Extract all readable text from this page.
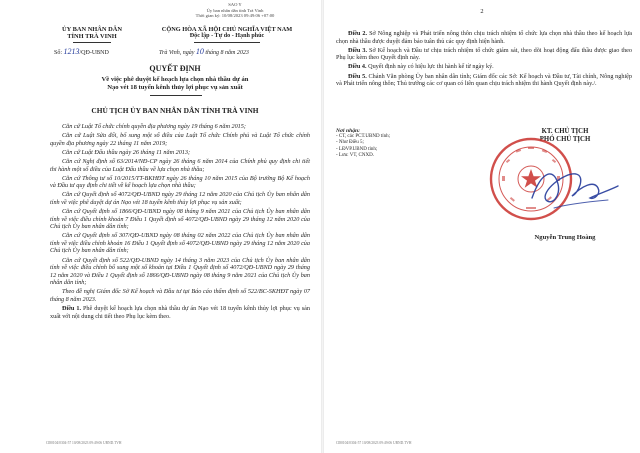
SAO Y
Ủy ban nhân dân tỉnh Trà Vinh
Thời gian ký: 10/08/2023 09:49:06 +07:00
ỦY BAN NHÂN DÂN
TỈNH TRÀ VINH
Số: 1213/QĐ-UBND
CỘNG HÒA XÃ HỘI CHỦ NGHĨA VIỆT NAM
Độc lập - Tự do - Hạnh phúc
Trà Vinh, ngày 10 tháng 8 năm 2023
QUYẾT ĐỊNH
Về việc phê duyệt kế hoạch lựa chọn nhà thầu dự án
Nạo vét 18 tuyến kênh thủy lợi phục vụ sản xuất
CHỦ TỊCH ỦY BAN NHÂN DÂN TỈNH TRÀ VINH

Căn cứ Luật Tổ chức chính quyền địa phương ngày 19 tháng 6 năm 2015;

Căn cứ Luật Sửa đổi, bổ sung một số điều của Luật Tổ chức Chính phủ và Luật Tổ chức chính quyền địa phương ngày 22 tháng 11 năm 2019;

Căn cứ Luật Đấu thầu ngày 26 tháng 11 năm 2013;

Căn cứ Nghị định số 63/2014/NĐ-CP ngày 26 tháng 6 năm 2014 của Chính phủ quy định chi tiết thi hành một số điều của Luật Đấu thầu về lựa chọn nhà thầu;

Căn cứ Thông tư số 10/2015/TT-BKHĐT ngày 26 tháng 10 năm 2015 của Bộ trưởng Bộ Kế hoạch và Đầu tư quy định chi tiết về kế hoạch lựa chọn nhà thầu;

Căn cứ Quyết định số 4072/QĐ-UBND ngày 29 tháng 12 năm 2020 của Chủ tịch Ủy ban nhân dân tỉnh về việc phê duyệt dự án Nạo vét 18 tuyến kênh thủy lợi phục vụ sản xuất;

Căn cứ Quyết định số 1866/QĐ-UBND ngày 08 tháng 9 năm 2021 của Chủ tịch Ủy ban nhân dân tỉnh về việc điều chỉnh khoản 7 Điều 1 Quyết định số 4072/QĐ-UBND ngày 29 tháng 12 năm 2020 của Chủ tịch Ủy ban nhân dân tỉnh;

Căn cứ Quyết định số 307/QĐ-UBND ngày 08 tháng 02 năm 2022 của Chủ tịch Ủy ban nhân dân tỉnh về việc điều chỉnh khoản 16 Điều 1 Quyết định số 4072/QĐ-UBND ngày 29 tháng 12 năm 2020 của Chủ tịch Ủy ban nhân dân tỉnh;

Căn cứ Quyết định số 522/QĐ-UBND ngày 14 tháng 3 năm 2023 của Chủ tịch Ủy ban nhân dân tỉnh về việc điều chỉnh bổ sung một số khoản tại Điều 1 Quyết định số 4072/QĐ-UBND ngày 29 tháng 12 năm 2020 và Điều 1 Quyết định số 1866/QĐ-UBND ngày 08 tháng 9 năm 2021 của Chủ tịch Ủy ban nhân dân tỉnh;

Theo đề nghị Giám đốc Sở Kế hoạch và Đầu tư tại Báo cáo thẩm định số 522/BC-SKHĐT ngày 07 tháng 8 năm 2023.

Điều 1. Phê duyệt kế hoạch lựa chọn nhà thầu dự án Nạo vét 18 tuyến kênh thủy lợi phục vụ sản xuất với nội dung chi tiết theo Phụ lục kèm theo.

CĐ0104/0304-57 10/08/2023 09:49:06 UBND.TVH
2

Điều 2. Sở Nông nghiệp và Phát triển nông thôn chịu trách nhiệm tổ chức lựa chọn nhà thầu theo kế hoạch lựa chọn nhà thầu được duyệt đảm bảo tuân thủ các quy định hiện hành.

Điều 3. Sở Kế hoạch và Đầu tư chịu trách nhiệm tổ chức giám sát, theo dõi hoạt động đấu thầu được giao theo Phụ lục kèm theo Quyết định này.

Điều 4. Quyết định này có hiệu lực thi hành kể từ ngày ký.

Điều 5. Chánh Văn phòng Ủy ban nhân dân tỉnh; Giám đốc các Sở: Kế hoạch và Đầu tư, Tài chính, Nông nghiệp và Phát triển nông thôn; Thủ trưởng các cơ quan có liên quan chịu trách nhiệm thi hành Quyết định này./.

Nơi nhận:
- CT, các PCT.UBND tỉnh;
- Như Điều 5;
- LĐVP.UBND tỉnh;
- Lưu: VT, CNXD.
KT. CHỦ TỊCH
PHÓ CHỦ TỊCH
Nguyễn Trung Hoàng
CĐ0104/0304-57 10/08/2023 09:49:06 UBND.TVH
